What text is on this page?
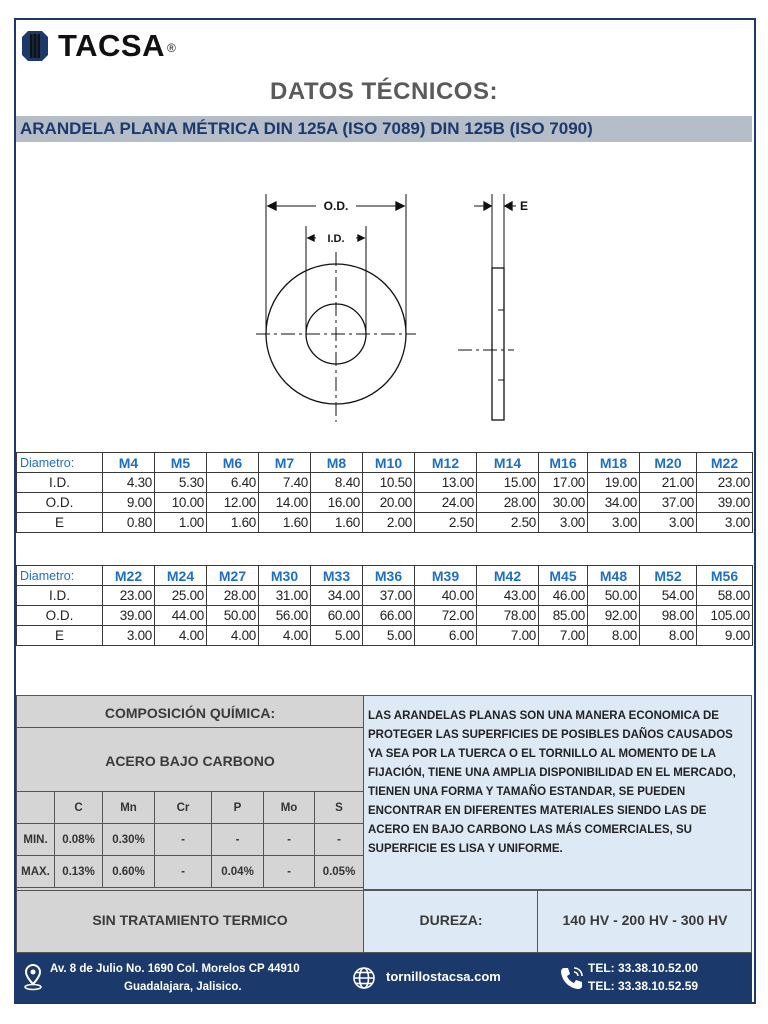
TACSA ®
DATOS TÉCNICOS:
ARANDELA PLANA MÉTRICA DIN 125A (ISO 7089) DIN 125B (ISO 7090)
O.D.
I.D.
E
Diametro:	M4	M5	M6	M7	M8	M10	M12	M14	M16	M18	M20	M22
I.D.	4.30	5.30	6.40	7.40	8.40	10.50	13.00	15.00	17.00	19.00	21.00	23.00
O.D.	9.00	10.00	12.00	14.00	16.00	20.00	24.00	28.00	30.00	34.00	37.00	39.00
E	0.80	1.00	1.60	1.60	1.60	2.00	2.50	2.50	3.00	3.00	3.00	3.00
Diametro:	M22	M24	M27	M30	M33	M36	M39	M42	M45	M48	M52	M56
I.D.	23.00	25.00	28.00	31.00	34.00	37.00	40.00	43.00	46.00	50.00	54.00	58.00
O.D.	39.00	44.00	50.00	56.00	60.00	66.00	72.00	78.00	85.00	92.00	98.00	105.00
E	3.00	4.00	4.00	4.00	5.00	5.00	6.00	7.00	7.00	8.00	8.00	9.00
COMPOSICIÓN QUÍMICA:
ACERO BAJO CARBONO
	C	Mn	Cr	P	Mo	S
MIN.	0.08%	0.30%	-	-	-	-
MAX.	0.13%	0.60%	-	0.04%	-	0.05%
SIN TRATAMIENTO TERMICO
LAS ARANDELAS PLANAS SON UNA MANERA ECONOMICA DE PROTEGER LAS SUPERFICIES DE POSIBLES DAÑOS CAUSADOS YA SEA POR LA TUERCA O EL TORNILLO AL MOMENTO DE LA FIJACIÓN, TIENE UNA AMPLIA DISPONIBILIDAD EN EL MERCADO, TIENEN UNA FORMA Y TAMAÑO ESTANDAR, SE PUEDEN ENCONTRAR EN DIFERENTES MATERIALES SIENDO LAS DE ACERO EN BAJO CARBONO LAS MÁS COMERCIALES, SU SUPERFICIE ES LISA Y UNIFORME.
DUREZA:	140 HV - 200 HV - 300 HV
Av. 8 de Julio No. 1690 Col. Morelos CP 44910
Guadalajara, Jalisico.
tornillostacsa.com
TEL: 33.38.10.52.00
TEL: 33.38.10.52.59
